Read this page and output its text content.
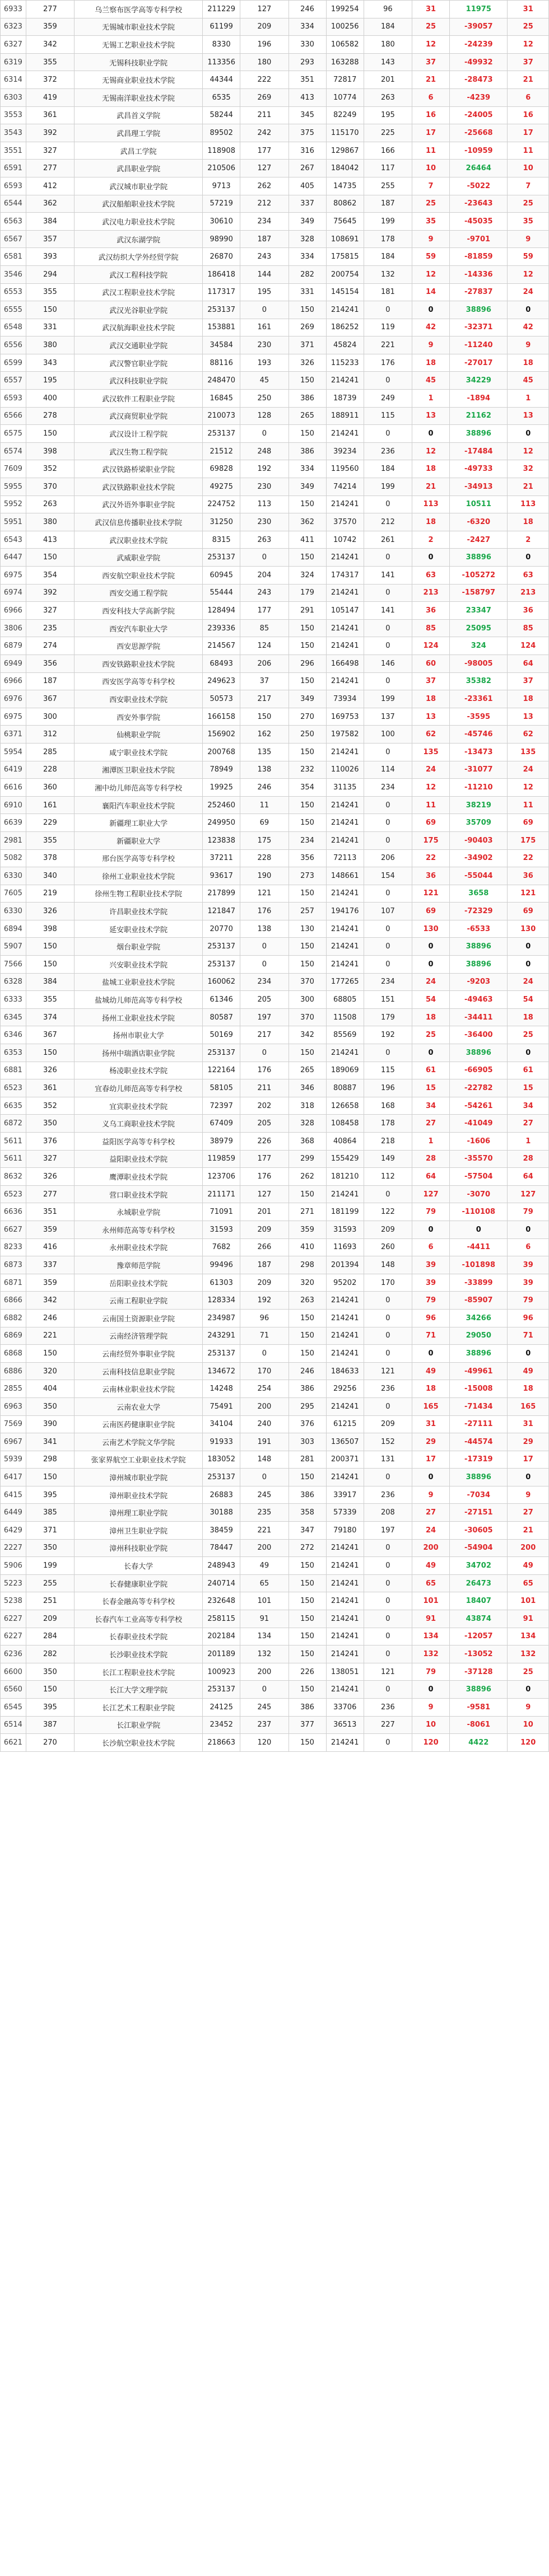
6933	277	乌兰察布医学高等专科学校	211229	127	246	199254	96	31	11975	31
6323	359	无锡城市职业技术学院	61199	209	334	100256	184	25	-39057	25
6327	342	无锡工艺职业技术学院	8330	196	330	106582	180	12	-24239	12
6319	355	无锡科技职业学院	113356	180	293	163288	143	37	-49932	37
6314	372	无锡商业职业技术学院	44344	222	351	72817	201	21	-28473	21
6303	419	无锡南洋职业技术学院	6535	269	413	10774	263	6	-4239	6
3553	361	武昌首义学院	58244	211	345	82249	195	16	-24005	16
3543	392	武昌理工学院	89502	242	375	115170	225	17	-25668	17
3551	327	武昌工学院	118908	177	316	129867	166	11	-10959	11
6591	277	武昌职业学院	210506	127	267	184042	117	10	26464	10
6593	412	武汉城市职业学院	9713	262	405	14735	255	7	-5022	7
6544	362	武汉船舶职业技术学院	57219	212	337	80862	187	25	-23643	25
6563	384	武汉电力职业技术学院	30610	234	349	75645	199	35	-45035	35
6567	357	武汉东湖学院	98990	187	328	108691	178	9	-9701	9
6581	393	武汉纺织大学外经贸学院	26870	243	334	175815	184	59	-81859	59
3546	294	武汉工程科技学院	186418	144	282	200754	132	12	-14336	12
6553	355	武汉工程职业技术学院	117317	195	331	145154	181	14	-27837	24
6555	150	武汉光谷职业学院	253137	0	150	214241	0	0	38896	0
6548	331	武汉航海职业技术学院	153881	161	269	186252	119	42	-32371	42
6556	380	武汉交通职业学院	34584	230	371	45824	221	9	-11240	9
6599	343	武汉警官职业学院	88116	193	326	115233	176	18	-27017	18
6557	195	武汉科技职业学院	248470	45	150	214241	0	45	34229	45
6593	400	武汉软件工程职业学院	16845	250	386	18739	249	1	-1894	1
6566	278	武汉商贸职业学院	210073	128	265	188911	115	13	21162	13
6575	150	武汉设计工程学院	253137	0	150	214241	0	0	38896	0
6574	398	武汉生物工程学院	21512	248	386	39234	236	12	-17484	12
7609	352	武汉铁路桥梁职业学院	69828	192	334	119560	184	18	-49733	32
5955	370	武汉铁路职业技术学院	49275	230	349	74214	199	21	-34913	21
5952	263	武汉外语外事职业学院	224752	113	150	214241	0	113	10511	113
5951	380	武汉信息传播职业技术学院	31250	230	362	37570	212	18	-6320	18
6543	413	武汉职业技术学院	8315	263	411	10742	261	2	-2427	2
6447	150	武威职业学院	253137	0	150	214241	0	0	38896	0
6975	354	西安航空职业技术学院	60945	204	324	174317	141	63	-105272	63
6974	392	西安交通工程学院	55444	243	179	214241	0	213	-158797	213
6966	327	西安科技大学高新学院	128494	177	291	105147	141	36	23347	36
3806	235	西安汽车职业大学	239336	85	150	214241	0	85	25095	85
6879	274	西安思源学院	214567	124	150	214241	0	124	324	124
6949	356	西安铁路职业技术学院	68493	206	296	166498	146	60	-98005	64
6966	187	西安医学高等专科学校	249623	37	150	214241	0	37	35382	37
6976	367	西安职业技术学院	50573	217	349	73934	199	18	-23361	18
6975	300	西安外事学院	166158	150	270	169753	137	13	-3595	13
6371	312	仙桃职业学院	156902	162	250	197582	100	62	-45746	62
5954	285	咸宁职业技术学院	200768	135	150	214241	0	135	-13473	135
6419	228	湘潭医卫职业技术学院	78949	138	232	110026	114	24	-31077	24
6616	360	湘中幼儿师范高等专科学校	19925	246	354	31135	234	12	-11210	12
6910	161	襄阳汽车职业技术学院	252460	11	150	214241	0	11	38219	11
6639	229	新疆理工职业大学	249950	69	150	214241	0	69	35709	69
2981	355	新疆职业大学	123838	175	234	214241	0	175	-90403	175
5082	378	邢台医学高等专科学校	37211	228	356	72113	206	22	-34902	22
6330	340	徐州工业职业技术学院	93617	190	273	148661	154	36	-55044	36
7605	219	徐州生物工程职业技术学院	217899	121	150	214241	0	121	3658	121
6330	326	许昌职业技术学院	121847	176	257	194176	107	69	-72329	69
6894	398	延安职业技术学院	20770	138	130	214241	0	130	-6533	130
5907	150	烟台职业学院	253137	0	150	214241	0	0	38896	0
7566	150	兴安职业技术学院	253137	0	150	214241	0	0	38896	0
6328	384	盐城工业职业技术学院	160062	234	370	177265	234	24	-9203	24
6333	355	盐城幼儿师范高等专科学校	61346	205	300	68805	151	54	-49463	54
6345	374	扬州工业职业技术学院	80587	197	370	11508	179	18	-34411	18
6346	367	扬州市职业大学	50169	217	342	85569	192	25	-36400	25
6353	150	扬州中瑞酒店职业学院	253137	0	150	214241	0	0	38896	0
6881	326	杨凌职业技术学院	122164	176	265	189069	115	61	-66905	61
6523	361	宜春幼儿师范高等专科学校	58105	211	346	80887	196	15	-22782	15
6635	352	宜宾职业技术学院	72397	202	318	126658	168	34	-54261	34
6872	350	义乌工商职业技术学院	67409	205	328	108458	178	27	-41049	27
5611	376	益阳医学高等专科学校	38979	226	368	40864	218	1	-1606	1
5611	327	益阳职业技术学院	119859	177	299	155429	149	28	-35570	28
8632	326	鹰潭职业技术学院	123706	176	262	181210	112	64	-57504	64
6523	277	营口职业技术学院	211171	127	150	214241	0	127	-3070	127
6636	351	永城职业学院	71091	201	271	181199	122	79	-110108	79
6627	359	永州师范高等专科学校	31593	209	359	31593	209	0	0	0
8233	416	永州职业技术学院	7682	266	410	11693	260	6	-4411	6
6873	337	豫章师范学院	99496	187	298	201394	148	39	-101898	39
6871	359	岳阳职业技术学院	61303	209	320	95202	170	39	-33899	39
6866	342	云南工程职业学院	128334	192	263	214241	0	79	-85907	79
6882	246	云南国土资源职业学院	234987	96	150	214241	0	96	34266	96
6869	221	云南经济管理学院	243291	71	150	214241	0	71	29050	71
6868	150	云南经贸外事职业学院	253137	0	150	214241	0	0	38896	0
6886	320	云南科技信息职业学院	134672	170	246	184633	121	49	-49961	49
2855	404	云南林业职业技术学院	14248	254	386	29256	236	18	-15008	18
6963	350	云南农业大学	75491	200	295	214241	0	165	-71434	165
7569	390	云南医药健康职业学院	34104	240	376	61215	209	31	-27111	31
6967	341	云南艺术学院文华学院	91933	191	303	136507	152	29	-44574	29
5939	298	张家界航空工业职业技术学院	183052	148	281	200371	131	17	-17319	17
6417	150	漳州城市职业学院	253137	0	150	214241	0	0	38896	0
6415	395	漳州职业技术学院	26883	245	386	33917	236	9	-7034	9
6449	385	漳州理工职业学院	30188	235	358	57339	208	27	-27151	27
6429	371	漳州卫生职业学院	38459	221	347	79180	197	24	-30605	21
2227	350	漳州科技职业学院	78447	200	272	214241	0	200	-54904	200
5906	199	长春大学	248943	49	150	214241	0	49	34702	49
5223	255	长春健康职业学院	240714	65	150	214241	0	65	26473	65
5238	251	长春金融高等专科学校	232648	101	150	214241	0	101	18407	101
6227	209	长春汽车工业高等专科学校	258115	91	150	214241	0	91	43874	91
6227	284	长春职业技术学院	202184	134	150	214241	0	134	-12057	134
6236	282	长沙职业技术学院	201189	132	150	214241	0	132	-13052	132
6600	350	长江工程职业技术学院	100923	200	226	138051	121	79	-37128	25
6560	150	长江大学文理学院	253137	0	150	214241	0	0	38896	0
6545	395	长江艺术工程职业学院	24125	245	386	33706	236	9	-9581	9
6514	387	长江职业学院	23452	237	377	36513	227	10	-8061	10
6621	270	长沙航空职业技术学院	218663	120	150	214241	0	120	4422	120
